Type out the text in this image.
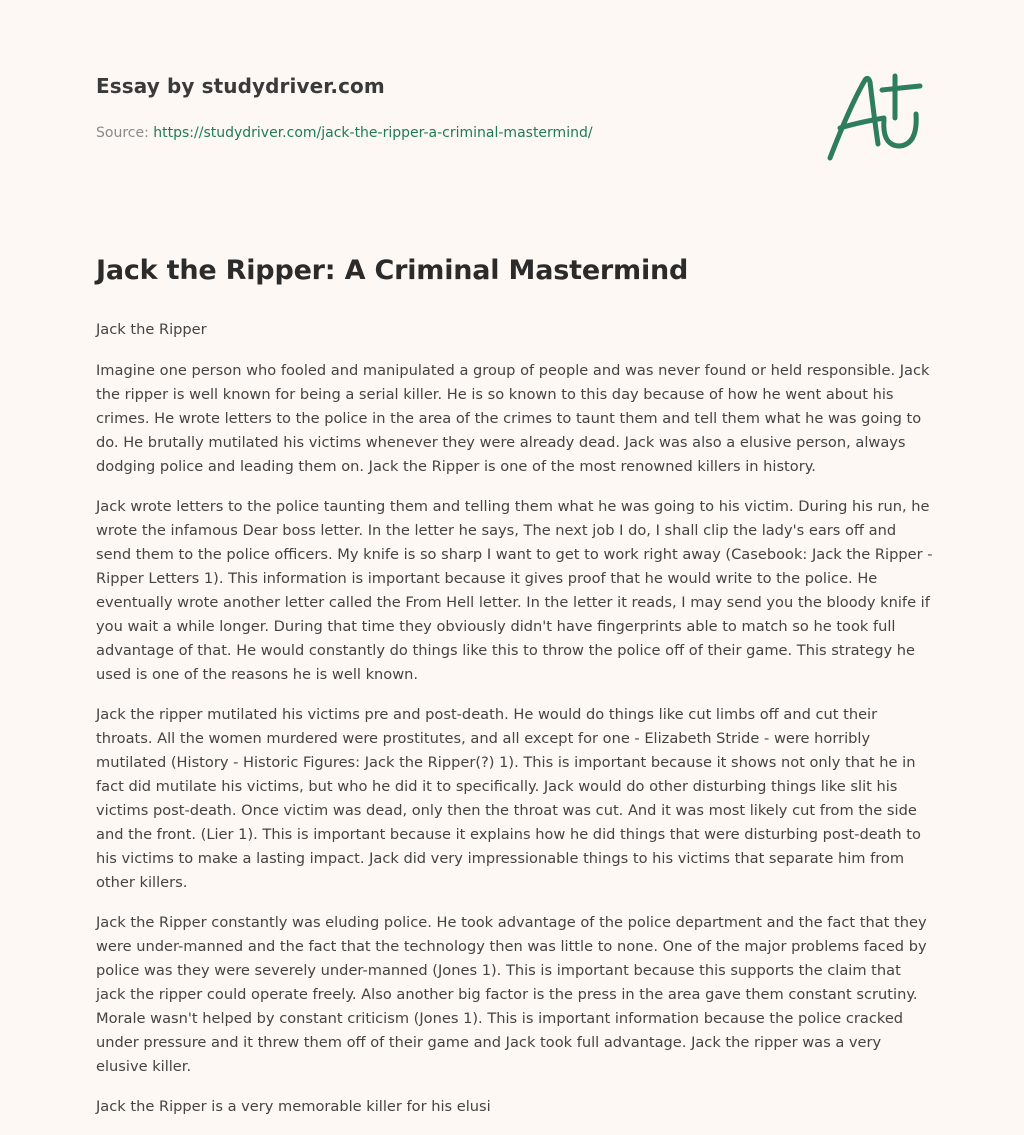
Essay by studydriver.com
Source: https://studydriver.com/jack-the-ripper-a-criminal-mastermind/
Jack the Ripper: A Criminal Mastermind

Jack the Ripper

Imagine one person who fooled and manipulated a group of people and was never found or held responsible. Jack the ripper is well known for being a serial killer. He is so known to this day because of how he went about his crimes. He wrote letters to the police in the area of the crimes to taunt them and tell them what he was going to do. He brutally mutilated his victims whenever they were already dead. Jack was also a elusive person, always dodging police and leading them on. Jack the Ripper is one of the most renowned killers in history.

Jack wrote letters to the police taunting them and telling them what he was going to his victim. During his run, he wrote the infamous Dear boss letter. In the letter he says, The next job I do, I shall clip the lady's ears off and send them to the police officers. My knife is so sharp I want to get to work right away (Casebook: Jack the Ripper - Ripper Letters 1). This information is important because it gives proof that he would write to the police. He eventually wrote another letter called the From Hell letter. In the letter it reads, I may send you the bloody knife if you wait a while longer. During that time they obviously didn't have fingerprints able to match so he took full advantage of that. He would constantly do things like this to throw the police off of their game. This strategy he used is one of the reasons he is well known.

Jack the ripper mutilated his victims pre and post-death. He would do things like cut limbs off and cut their throats. All the women murdered were prostitutes, and all except for one - Elizabeth Stride - were horribly mutilated (History - Historic Figures: Jack the Ripper(?) 1). This is important because it shows not only that he in fact did mutilate his victims, but who he did it to specifically. Jack would do other disturbing things like slit his victims post-death. Once victim was dead, only then the throat was cut. And it was most likely cut from the side and the front. (Lier 1). This is important because it explains how he did things that were disturbing post-death to his victims to make a lasting impact. Jack did very impressionable things to his victims that separate him from other killers.

Jack the Ripper constantly was eluding police. He took advantage of the police department and the fact that they were under-manned and the fact that the technology then was little to none. One of the major problems faced by police was they were severely under-manned (Jones 1). This is important because this supports the claim that jack the ripper could operate freely. Also another big factor is the press in the area gave them constant scrutiny. Morale wasn't helped by constant criticism (Jones 1). This is important information because the police cracked under pressure and it threw them off of their game and Jack took full advantage. Jack the ripper was a very elusive killer.

Jack the Ripper is a very memorable killer for his elusi
